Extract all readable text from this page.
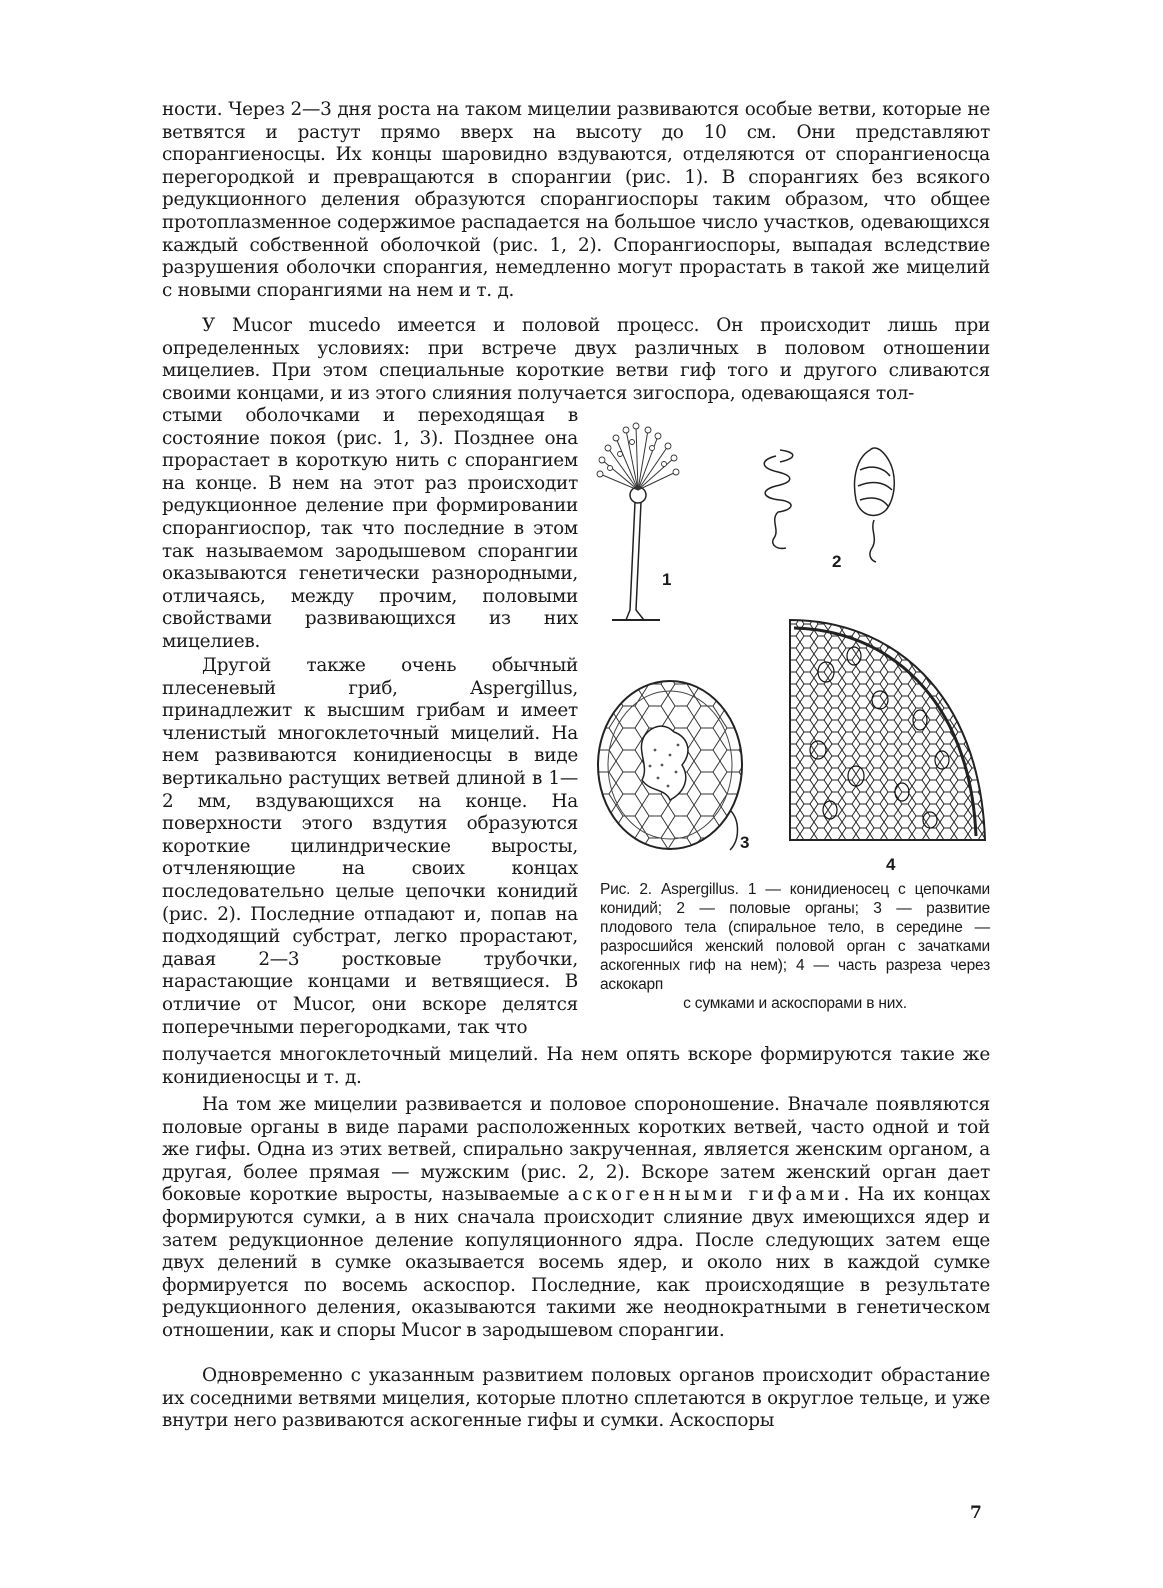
ности. Через 2—3 дня роста на таком мицелии развиваются особые ветви, которые не ветвятся и растут прямо вверх на высоту до 10 см. Они представляют спорангиеносцы. Их концы шаровидно вздуваются, отделяются от спорангиеносца перегородкой и превращаются в спорангии (рис. 1). В спорангиях без всякого редукционного деления образуются спорангиоспоры таким образом, что общее протоплазменное содержимое распадается на большое число участков, одевающихся каждый собственной оболочкой (рис. 1, 2). Спорангиоспоры, выпадая вследствие разрушения оболочки спорангия, немедленно могут прорастать в такой же мицелий с новыми спорангиями на нем и т. д.

У Mucor mucedo имеется и половой процесс. Он происходит лишь при определенных условиях: при встрече двух различных в половом отношении мицелиев. При этом специальные короткие ветви гиф того и другого сливаются своими концами, и из этого слияния получается зигоспора, одевающаяся тол-

стыми оболочками и переходящая в состояние покоя (рис. 1, 3). Позднее она прорастает в короткую нить с спорангием на конце. В нем на этот раз происходит редукционное деление при формировании спорангиоспор, так что последние в этом так называемом зародышевом спорангии оказываются генетически разнородными, отличаясь, между прочим, половыми свойствами развивающихся из них мицелиев.

Другой также очень обычный плесеневый гриб, Aspergillus, принадлежит к высшим грибам и имеет членистый многоклеточный мицелий. На нем развиваются конидиеносцы в виде вертикально растущих ветвей длиной в 1—2 мм, вздувающихся на конце. На поверхности этого вздутия образуются короткие цилиндрические выросты, отчленяющие на своих концах последовательно целые цепочки конидий (рис. 2). Последние отпадают и, попав на подходящий субстрат, легко прорастают, давая 2—3 ростковые трубочки, нарастающие концами и ветвящиеся. В отличие от Mucor, они вскоре делятся поперечными перегородками, так что

получается многоклеточный мицелий. На нем опять вскоре формируются такие же конидиеносцы и т. д.

На том же мицелии развивается и половое спороношение. Вначале появляются половые органы в виде парами расположенных коротких ветвей, часто одной и той же гифы. Одна из этих ветвей, спирально закрученная, является женским органом, а другая, более прямая — мужским (рис. 2, 2). Вскоре затем женский орган дает боковые короткие выросты, называемые аскогенными гифами. На их концах формируются сумки, а в них сначала происходит слияние двух имеющихся ядер и затем редукционное деление копуляционного ядра. После следующих затем еще двух делений в сумке оказывается восемь ядер, и около них в каждой сумке формируется по восемь аскоспор. Последние, как происходящие в результате редукционного деления, оказываются такими же неоднократными в генетическом отношении, как и споры Mucor в зародышевом спорангии.

Одновременно с указанным развитием половых органов происходит обрастание их соседними ветвями мицелия, которые плотно сплетаются в округлое тельце, и уже внутри него развиваются аскогенные гифы и сумки. Аскоспоры

1
2
3
4

Рис. 2. Aspergillus. 1 — конидиеносец с цепочками конидий; 2 — половые органы; 3 — развитие плодового тела (спиральное тело, в середине — разросшийся женский половой орган с зачатками аскогенных гиф на нем); 4 — часть разреза через аскокарп
с сумками и аскоспорами в них.

7
